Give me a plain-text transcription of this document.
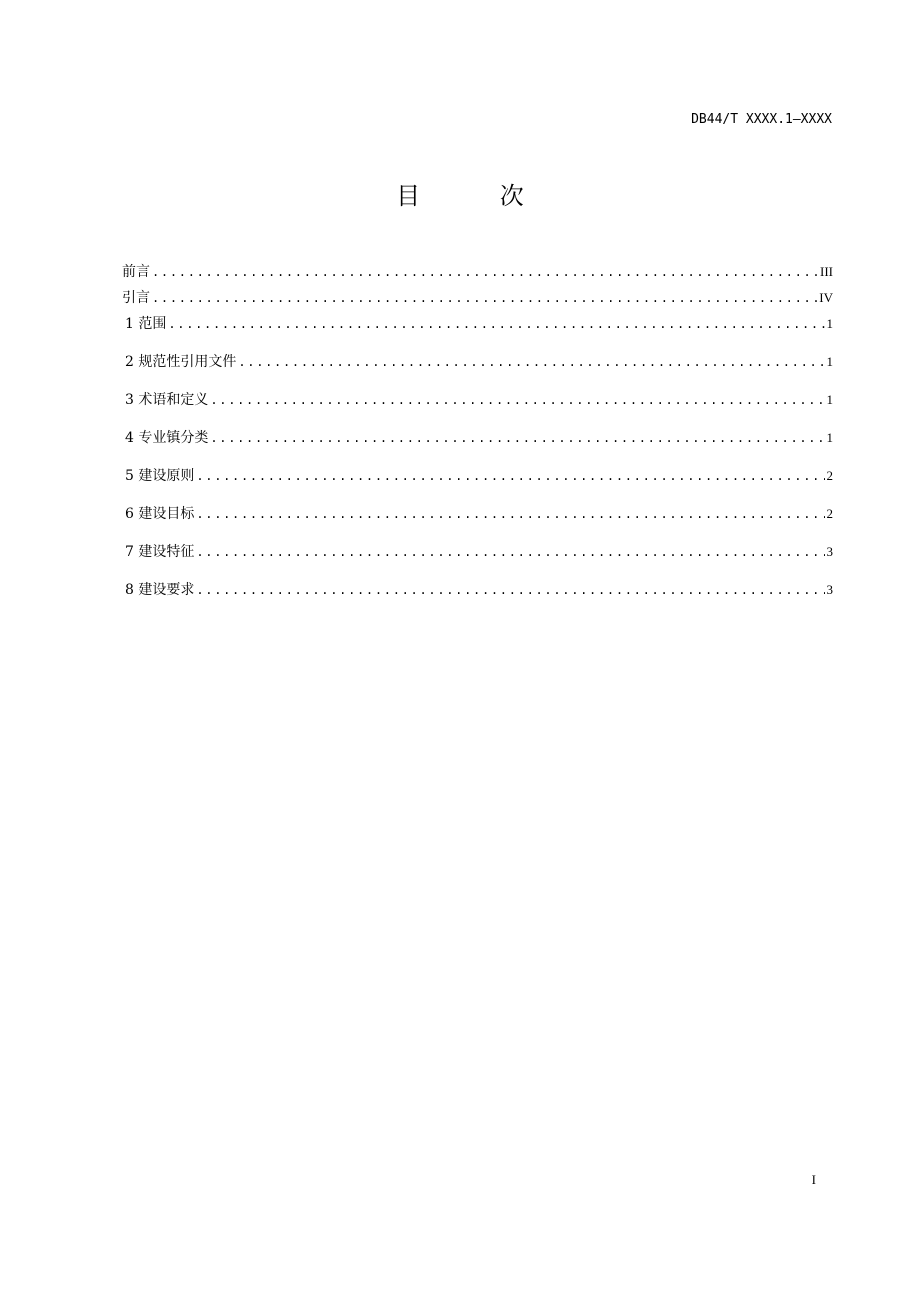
DB44/T XXXX.1—XXXX
目 次
前言 .....	III
引言 .....	IV
1 范围 .....	1
2 规范性引用文件 .....	1
3 术语和定义 .....	1
4 专业镇分类 .....	1
5 建设原则 .....	2
6 建设目标 .....	2
7 建设特征 .....	3
8 建设要求 .....	3
I
